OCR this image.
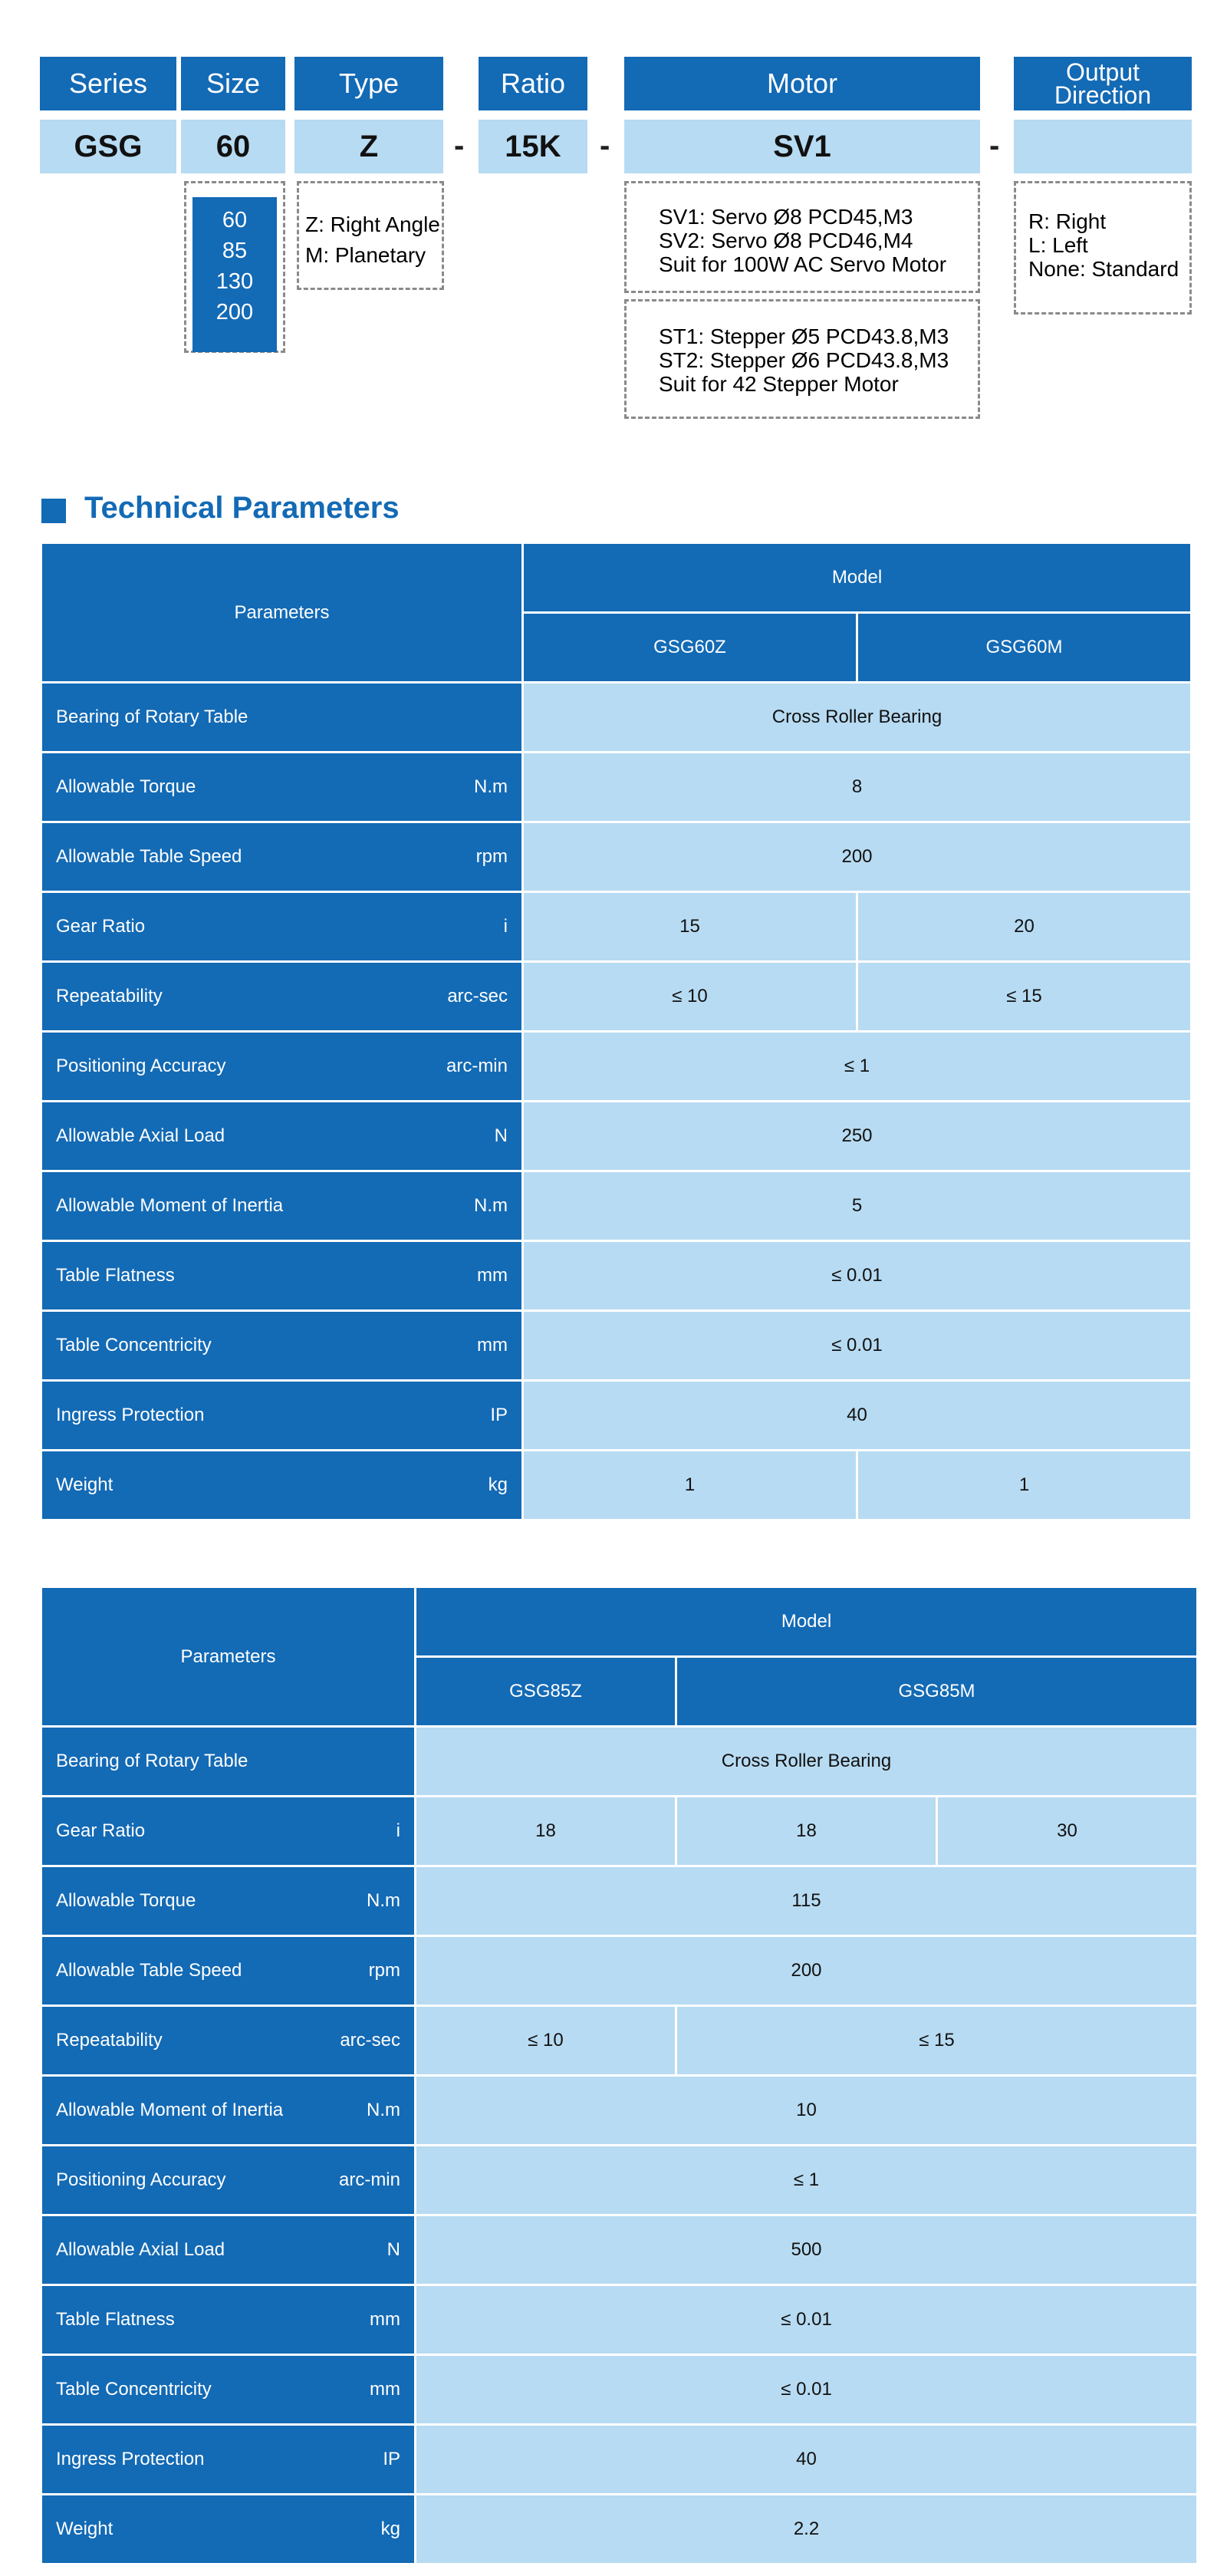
Series	Size	Type	Ratio	Motor	Output
Direction
GSG	60	Z	-	15K	-	SV1	-
60
85
130
200
Z: Right Angle
M: Planetary
SV1: Servo Ø8 PCD45,M3
SV2: Servo Ø8 PCD46,M4
Suit for 100W AC Servo Motor
ST1: Stepper Ø5 PCD43.8,M3
ST2: Stepper Ø6 PCD43.8,M3
Suit for 42 Stepper Motor
R: Right
L: Left
None: Standard
Technical Parameters
Parameters	Model	
	GSG60Z	GSG60M

Bearing of Rotary Table	Cross Roller Bearing	

Allowable Torque N.m	8	

Allowable Table Speed rpm	200	

Gear Ratio i	15	20

Repeatability arc-sec	≤ 10	≤ 15

Positioning Accuracy arc-min	≤ 1	

Allowable Axial Load N	250	

Allowable Moment of Inertia N.m	5	

Table Flatness mm	≤ 0.01	

Table Concentricity mm	≤ 0.01	

Ingress Protection IP	40	

Weight kg	1	1
Parameters	Model		
	GSG85Z	GSG85M	

Bearing of Rotary Table	Cross Roller Bearing		

Gear Ratio i	18	18	30

Allowable Torque N.m	115		

Allowable Table Speed rpm	200		

Repeatability arc-sec	≤ 10	≤ 15	

Allowable Moment of Inertia N.m	10		

Positioning Accuracy arc-min	≤ 1		

Allowable Axial Load N	500		

Table Flatness mm	≤ 0.01		

Table Concentricity mm	≤ 0.01		

Ingress Protection IP	40		

Weight kg	2.2		
